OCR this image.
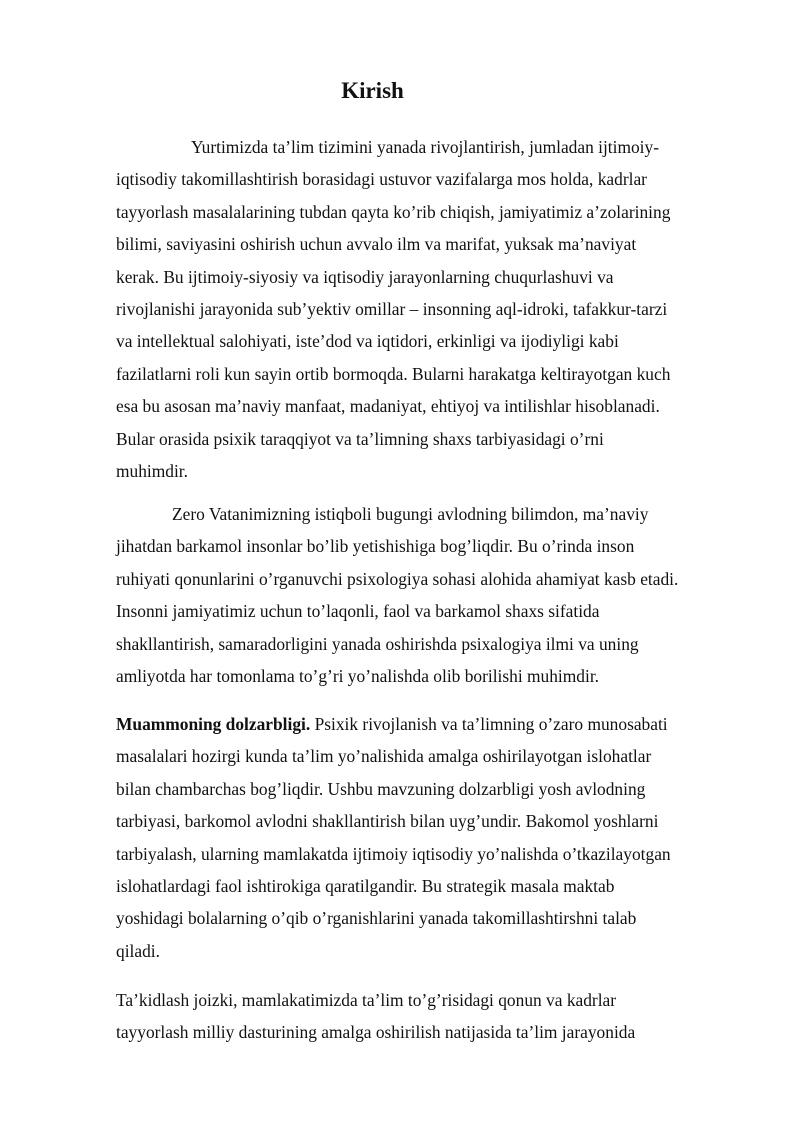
Kirish

Yurtimizda ta’lim tizimini yanada rivojlantirish, jumladan ijtimoiy-
iqtisodiy takomillashtirish borasidagi ustuvor vazifalarga mos holda, kadrlar
tayyorlash masalalarining tubdan qayta ko’rib chiqish, jamiyatimiz a’zolarining
bilimi, saviyasini oshirish uchun avvalo ilm va marifat, yuksak ma’naviyat
kerak. Bu ijtimoiy-siyosiy va iqtisodiy jarayonlarning chuqurlashuvi va
rivojlanishi jarayonida sub’yektiv omillar – insonning aql-idroki, tafakkur-tarzi
va intellektual salohiyati, iste’dod va iqtidori, erkinligi va ijodiyligi kabi
fazilatlarni roli kun sayin ortib bormoqda. Bularni harakatga keltirayotgan kuch
esa bu asosan ma’naviy manfaat, madaniyat, ehtiyoj va intilishlar hisoblanadi.
Bular orasida psixik taraqqiyot va ta’limning shaxs tarbiyasidagi o’rni
muhimdir.

Zero Vatanimizning istiqboli bugungi avlodning bilimdon, ma’naviy
jihatdan barkamol insonlar bo’lib yetishishiga bog’liqdir. Bu o’rinda inson
ruhiyati qonunlarini o’rganuvchi psixologiya sohasi alohida ahamiyat kasb etadi.
Insonni jamiyatimiz uchun to’laqonli, faol va barkamol shaxs sifatida
shakllantirish, samaradorligini yanada oshirishda psixalogiya ilmi va uning
amliyotda har tomonlama to’g’ri yo’nalishda olib borilishi muhimdir.

Muammoning dolzarbligi. Psixik rivojlanish va ta’limning o’zaro munosabati
masalalari hozirgi kunda ta’lim yo’nalishida amalga oshirilayotgan islohatlar
bilan chambarchas bog’liqdir. Ushbu mavzuning dolzarbligi yosh avlodning
tarbiyasi, barkomol avlodni shakllantirish bilan uyg’undir. Bakomol yoshlarni
tarbiyalash, ularning mamlakatda ijtimoiy iqtisodiy yo’nalishda o’tkazilayotgan
islohatlardagi faol ishtirokiga qaratilgandir. Bu strategik masala maktab
yoshidagi bolalarning o’qib o’rganishlarini yanada takomillashtirshni talab
qiladi.

Ta’kidlash joizki, mamlakatimizda ta’lim to’g’risidagi qonun va kadrlar
tayyorlash milliy dasturining amalga oshirilish natijasida ta’lim jarayonida
